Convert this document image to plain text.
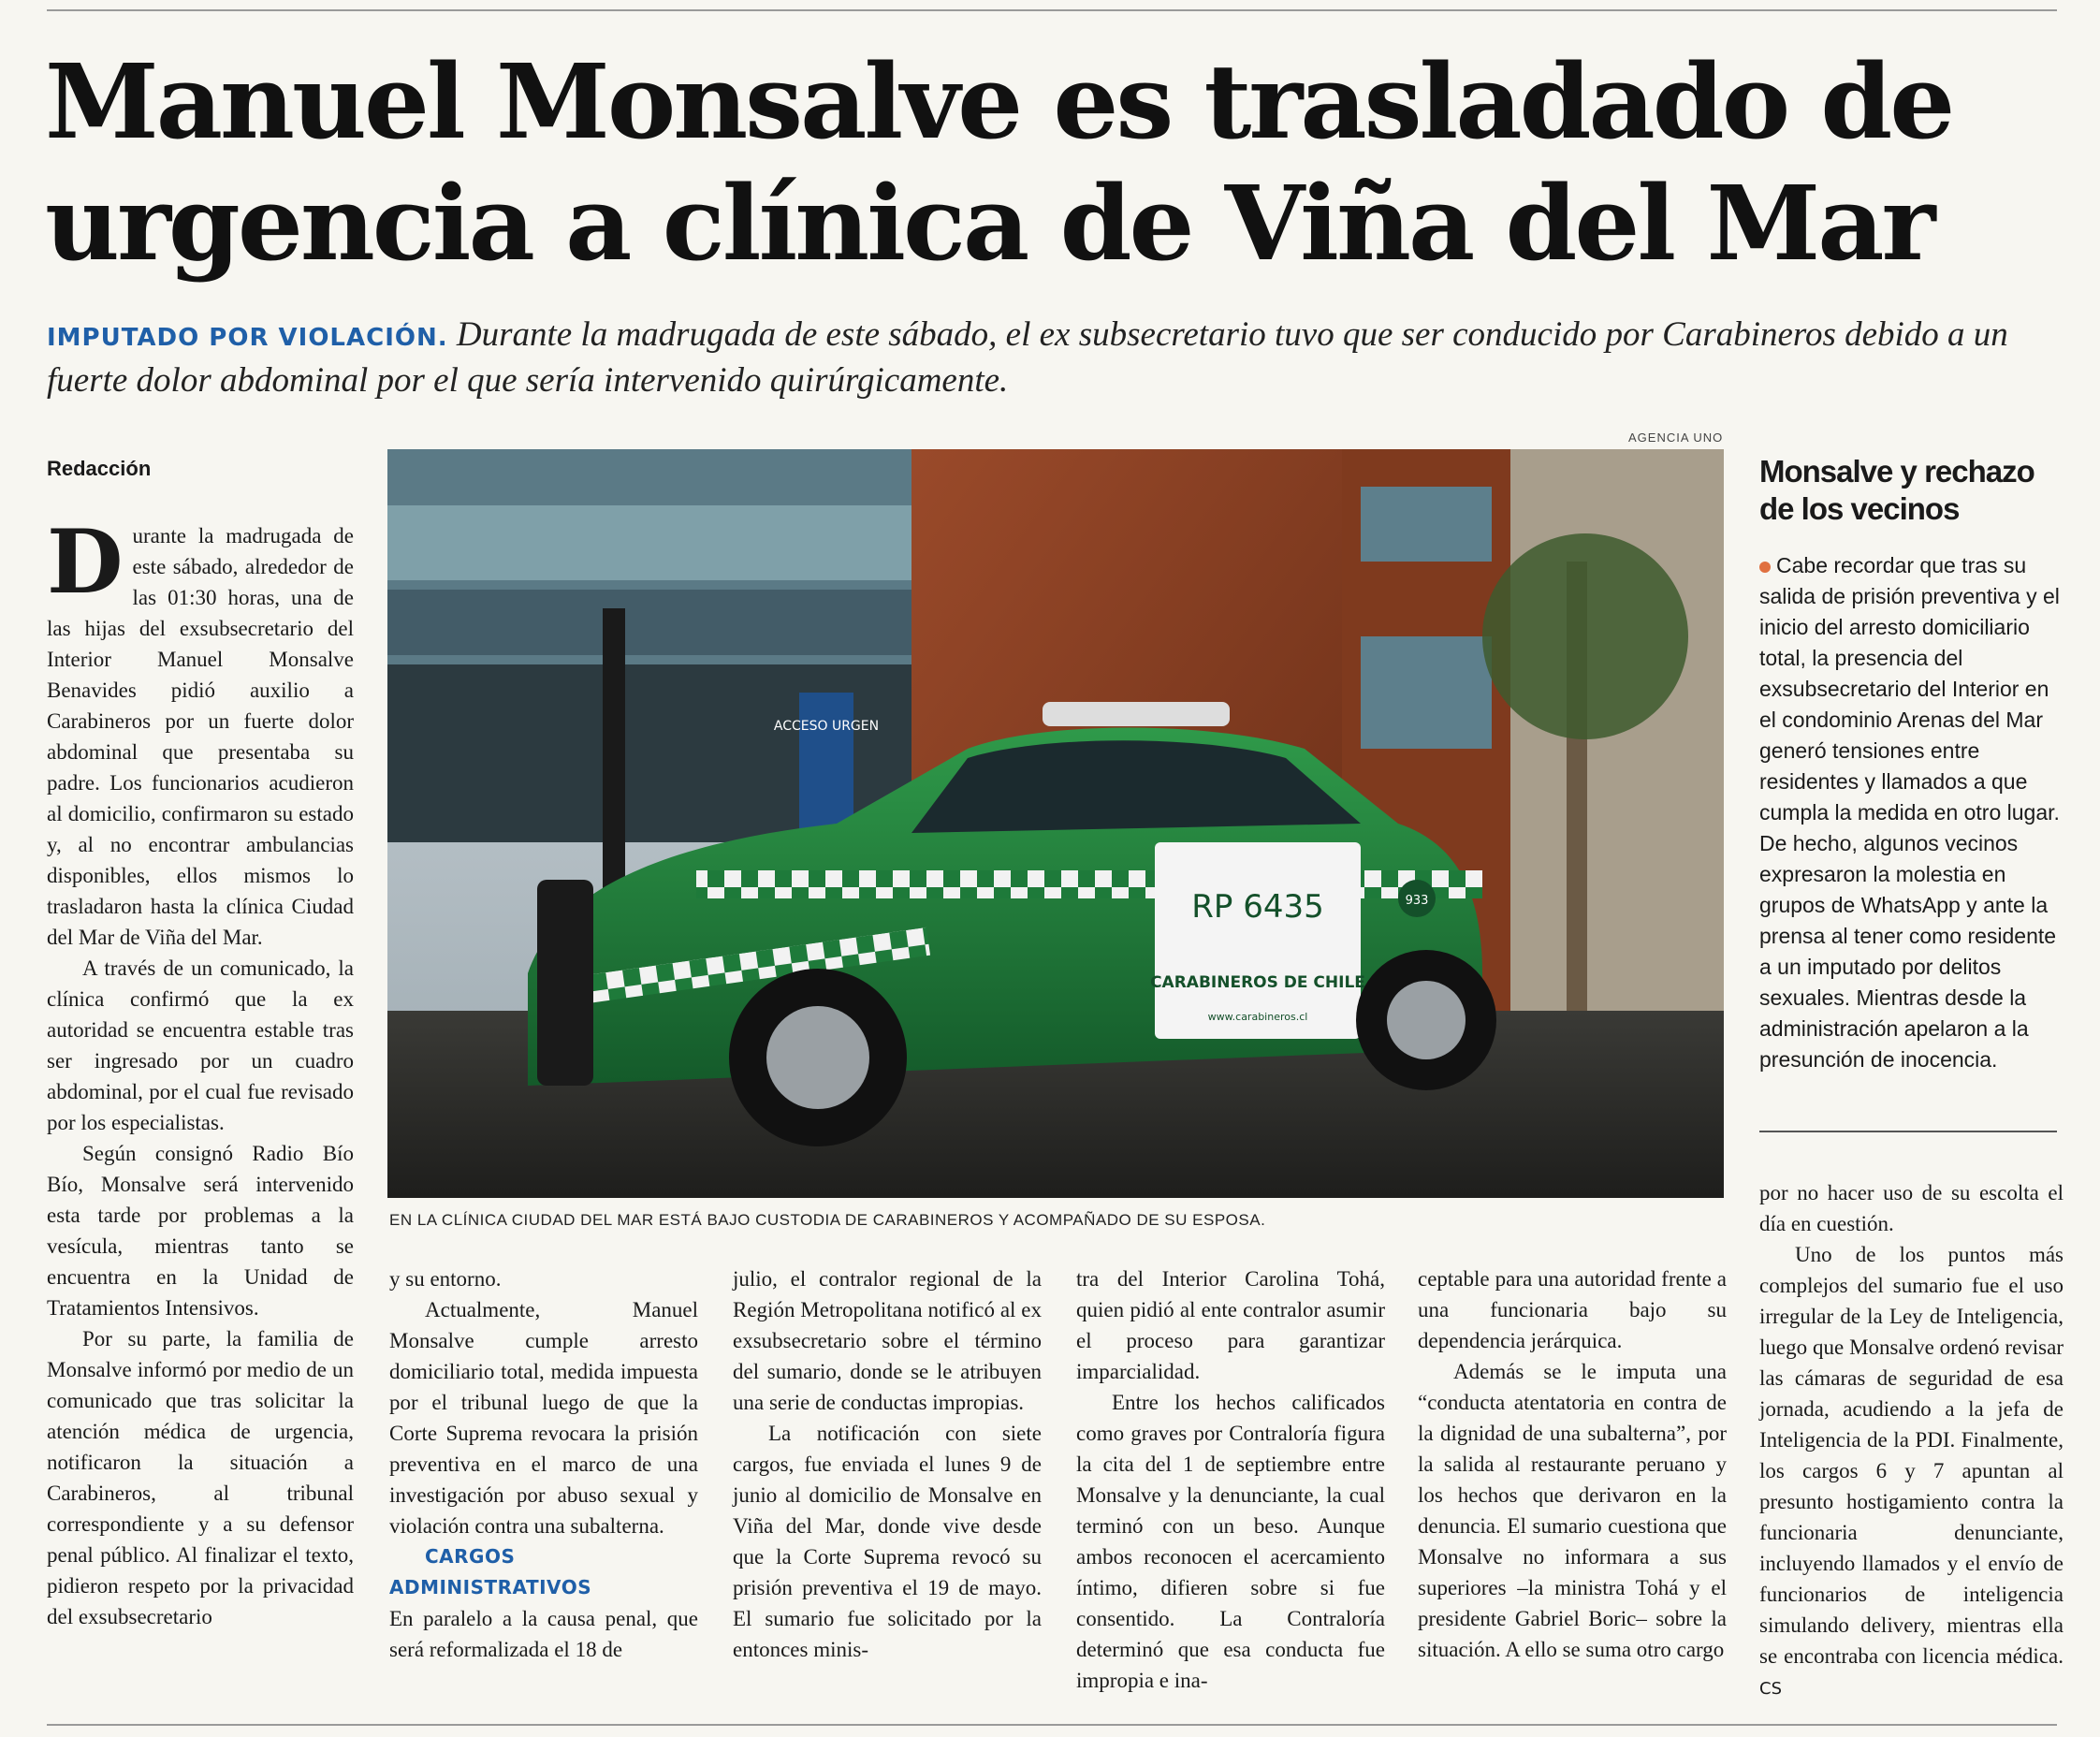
Manuel Monsalve es trasladado de urgencia a clínica de Viña del Mar
IMPUTADO POR VIOLACIÓN. Durante la madrugada de este sábado, el ex subsecretario tuvo que ser conducido por Carabineros debido a un fuerte dolor abdominal por el que sería intervenido quirúrgicamente.
Redacción

Durante la madrugada de este sábado, alrededor de las 01:30 horas, una de las hijas del exsubsecretario del Interior Manuel Monsalve Benavides pidió auxilio a Carabineros por un fuerte dolor abdominal que presentaba su padre. Los funcionarios acudieron al domicilio, confirmaron su estado y, al no encontrar ambulancias disponibles, ellos mismos lo trasladaron hasta la clínica Ciudad del Mar de Viña del Mar.

A través de un comunicado, la clínica confirmó que la ex autoridad se encuentra estable tras ser ingresado por un cuadro abdominal, por el cual fue revisado por los especialistas.

Según consignó Radio Bío Bío, Monsalve será intervenido esta tarde por problemas a la vesícula, mientras tanto se encuentra en la Unidad de Tratamientos Intensivos.

Por su parte, la familia de Monsalve informó por medio de un comunicado que tras solicitar la atención médica de urgencia, notificaron la situación a Carabineros, al tribunal correspondiente y a su defensor penal público. Al finalizar el texto, pidieron respeto por la privacidad del exsubsecretario

AGENCIA UNO
ACCESO URGEN
RP 6435
CARABINEROS DE CHILE
www.carabineros.cl
933
EN LA CLÍNICA CIUDAD DEL MAR ESTÁ BAJO CUSTODIA DE CARABINEROS Y ACOMPAÑADO DE SU ESPOSA.
Monsalve y rechazo de los vecinos
Cabe recordar que tras su salida de prisión preventiva y el inicio del arresto domiciliario total, la presencia del exsubsecretario del Interior en el condominio Arenas del Mar generó tensiones entre residentes y llamados a que cumpla la medida en otro lugar. De hecho, algunos vecinos expresaron la molestia en grupos de WhatsApp y ante la prensa al tener como residente a un imputado por delitos sexuales. Mientras desde la administración apelaron a la presunción de inocencia.

y su entorno.

Actualmente, Manuel Monsalve cumple arresto domiciliario total, medida impuesta por el tribunal luego de que la Corte Suprema revocara la prisión preventiva en el marco de una investigación por abuso sexual y violación contra una subalterna.

CARGOS ADMINISTRATIVOS

En paralelo a la causa penal, que será reformalizada el 18 de

julio, el contralor regional de la Región Metropolitana notificó al ex exsubsecretario sobre el término del sumario, donde se le atribuyen una serie de conductas impropias.

La notificación con siete cargos, fue enviada el lunes 9 de junio al domicilio de Monsalve en Viña del Mar, donde vive desde que la Corte Suprema revocó su prisión preventiva el 19 de mayo. El sumario fue solicitado por la entonces minis-

tra del Interior Carolina Tohá, quien pidió al ente contralor asumir el proceso para garantizar imparcialidad.

Entre los hechos calificados como graves por Contraloría figura la cita del 1 de septiembre entre Monsalve y la denunciante, la cual terminó con un beso. Aunque ambos reconocen el acercamiento íntimo, difieren sobre si fue consentido. La Contraloría determinó que esa conducta fue impropia e ina-

ceptable para una autoridad frente a una funcionaria bajo su dependencia jerárquica.

Además se le imputa una “conducta atentatoria en contra de la dignidad de una subalterna”, por la salida al restaurante peruano y los hechos que derivaron en la denuncia. El sumario cuestiona que Monsalve no informara a sus superiores –la ministra Tohá y el presidente Gabriel Boric– sobre la situación. A ello se suma otro cargo

por no hacer uso de su escolta el día en cuestión.

Uno de los puntos más complejos del sumario fue el uso irregular de la Ley de Inteligencia, luego que Monsalve ordenó revisar las cámaras de seguridad de esa jornada, acudiendo a la jefa de Inteligencia de la PDI. Finalmente, los cargos 6 y 7 apuntan al presunto hostigamiento contra la funcionaria denunciante, incluyendo llamados y el envío de funcionarios de inteligencia simulando delivery, mientras ella se encontraba con licencia médica. CS
